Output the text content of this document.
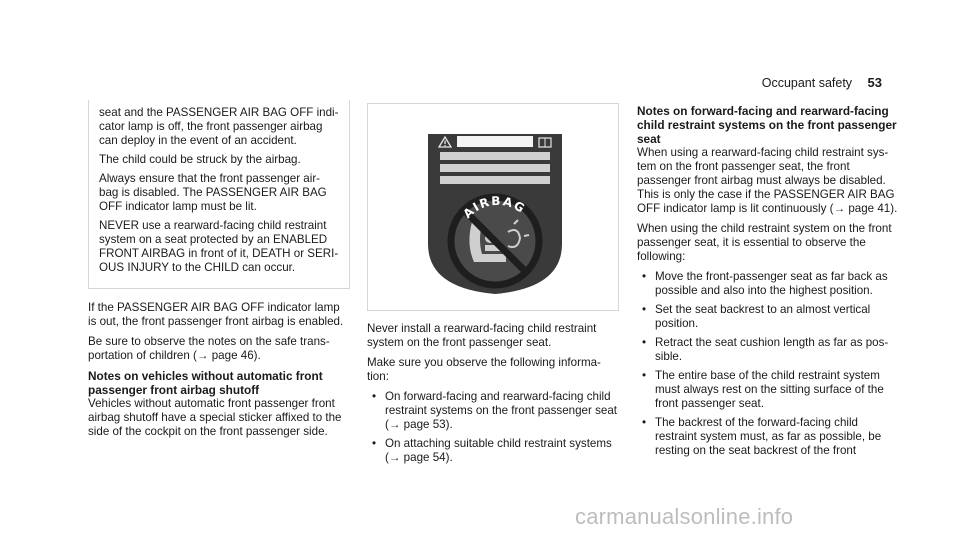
Occupant safety 53

seat and the PASSENGER AIR BAG OFF indi- cator lamp is off, the front passenger airbag can deploy in the event of an accident.

The child could be struck by the airbag.

Always ensure that the front passenger air- bag is disabled. The PASSENGER AIR BAG OFF indicator lamp must be lit.

NEVER use a rearward-facing child restraint system on a seat protected by an ENABLED FRONT AIRBAG in front of it, DEATH or SERI- OUS INJURY to the CHILD can occur.

If the PASSENGER AIR BAG OFF indicator lamp is out, the front passenger front airbag is enabled.

Be sure to observe the notes on the safe trans- portation of children (→ page 46).

Notes on vehicles without automatic front passenger front airbag shutoff

Vehicles without automatic front passenger front airbag shutoff have a special sticker affixed to the side of the cockpit on the front passenger side.

AIRBAG

Never install a rearward-facing child restraint system on the front passenger seat.

Make sure you observe the following informa- tion:

• On forward-facing and rearward-facing child restraint systems on the front passenger seat (→ page 53).
• On attaching suitable child restraint systems (→ page 54).
Notes on forward-facing and rearward-facing child restraint systems on the front passenger seat

When using a rearward-facing child restraint sys- tem on the front passenger seat, the front passenger front airbag must always be disabled. This is only the case if the PASSENGER AIR BAG OFF indicator lamp is lit continuously (→ page 41).

When using the child restraint system on the front passenger seat, it is essential to observe the following:

• Move the front-passenger seat as far back as possible and also into the highest position.
• Set the seat backrest to an almost vertical position.
• Retract the seat cushion length as far as pos- sible.
• The entire base of the child restraint system must always rest on the sitting surface of the front passenger seat.
• The backrest of the forward-facing child restraint system must, as far as possible, be resting on the seat backrest of the front
carmanualsonline.info
